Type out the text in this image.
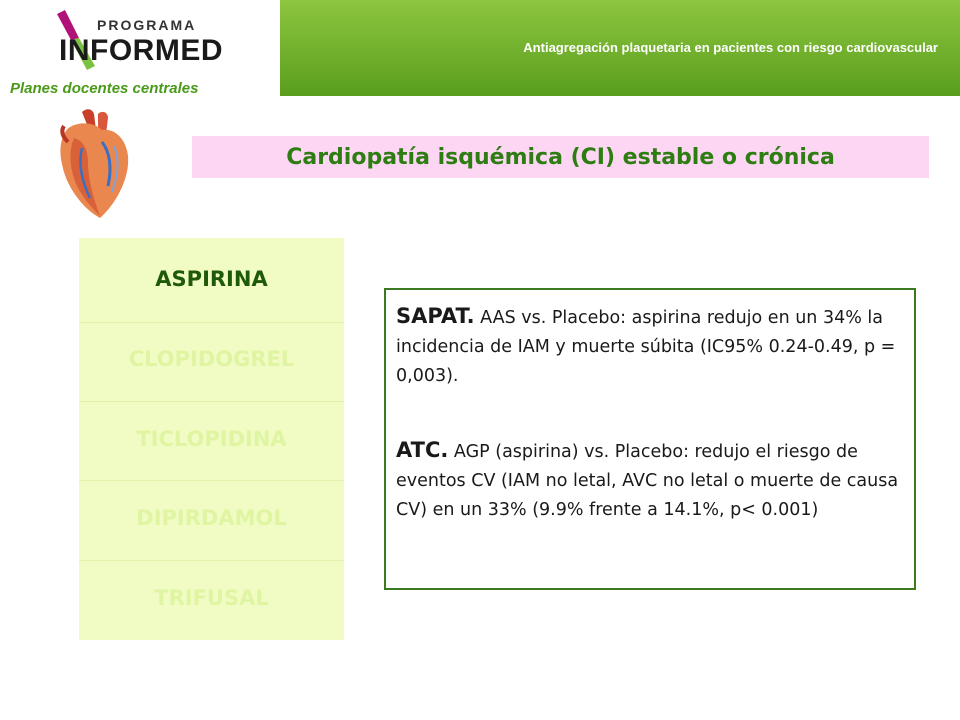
Antiagregación plaquetaria en pacientes con riesgo cardiovascular
PROGRAMA
INFORMED
Planes docentes centrales
Cardiopatía isquémica (CI) estable o crónica
ASPIRINA
CLOPIDOGREL
TICLOPIDINA
DIPIRDAMOL
TRIFUSAL
SAPAT. AAS vs. Placebo: aspirina redujo en un 34% la incidencia de IAM y muerte súbita (IC95% 0.24-0.49, p = 0,003).
ATC. AGP (aspirina) vs. Placebo: redujo el riesgo de eventos CV (IAM no letal, AVC no letal o muerte de causa CV) en un 33% (9.9% frente a 14.1%, p< 0.001)
